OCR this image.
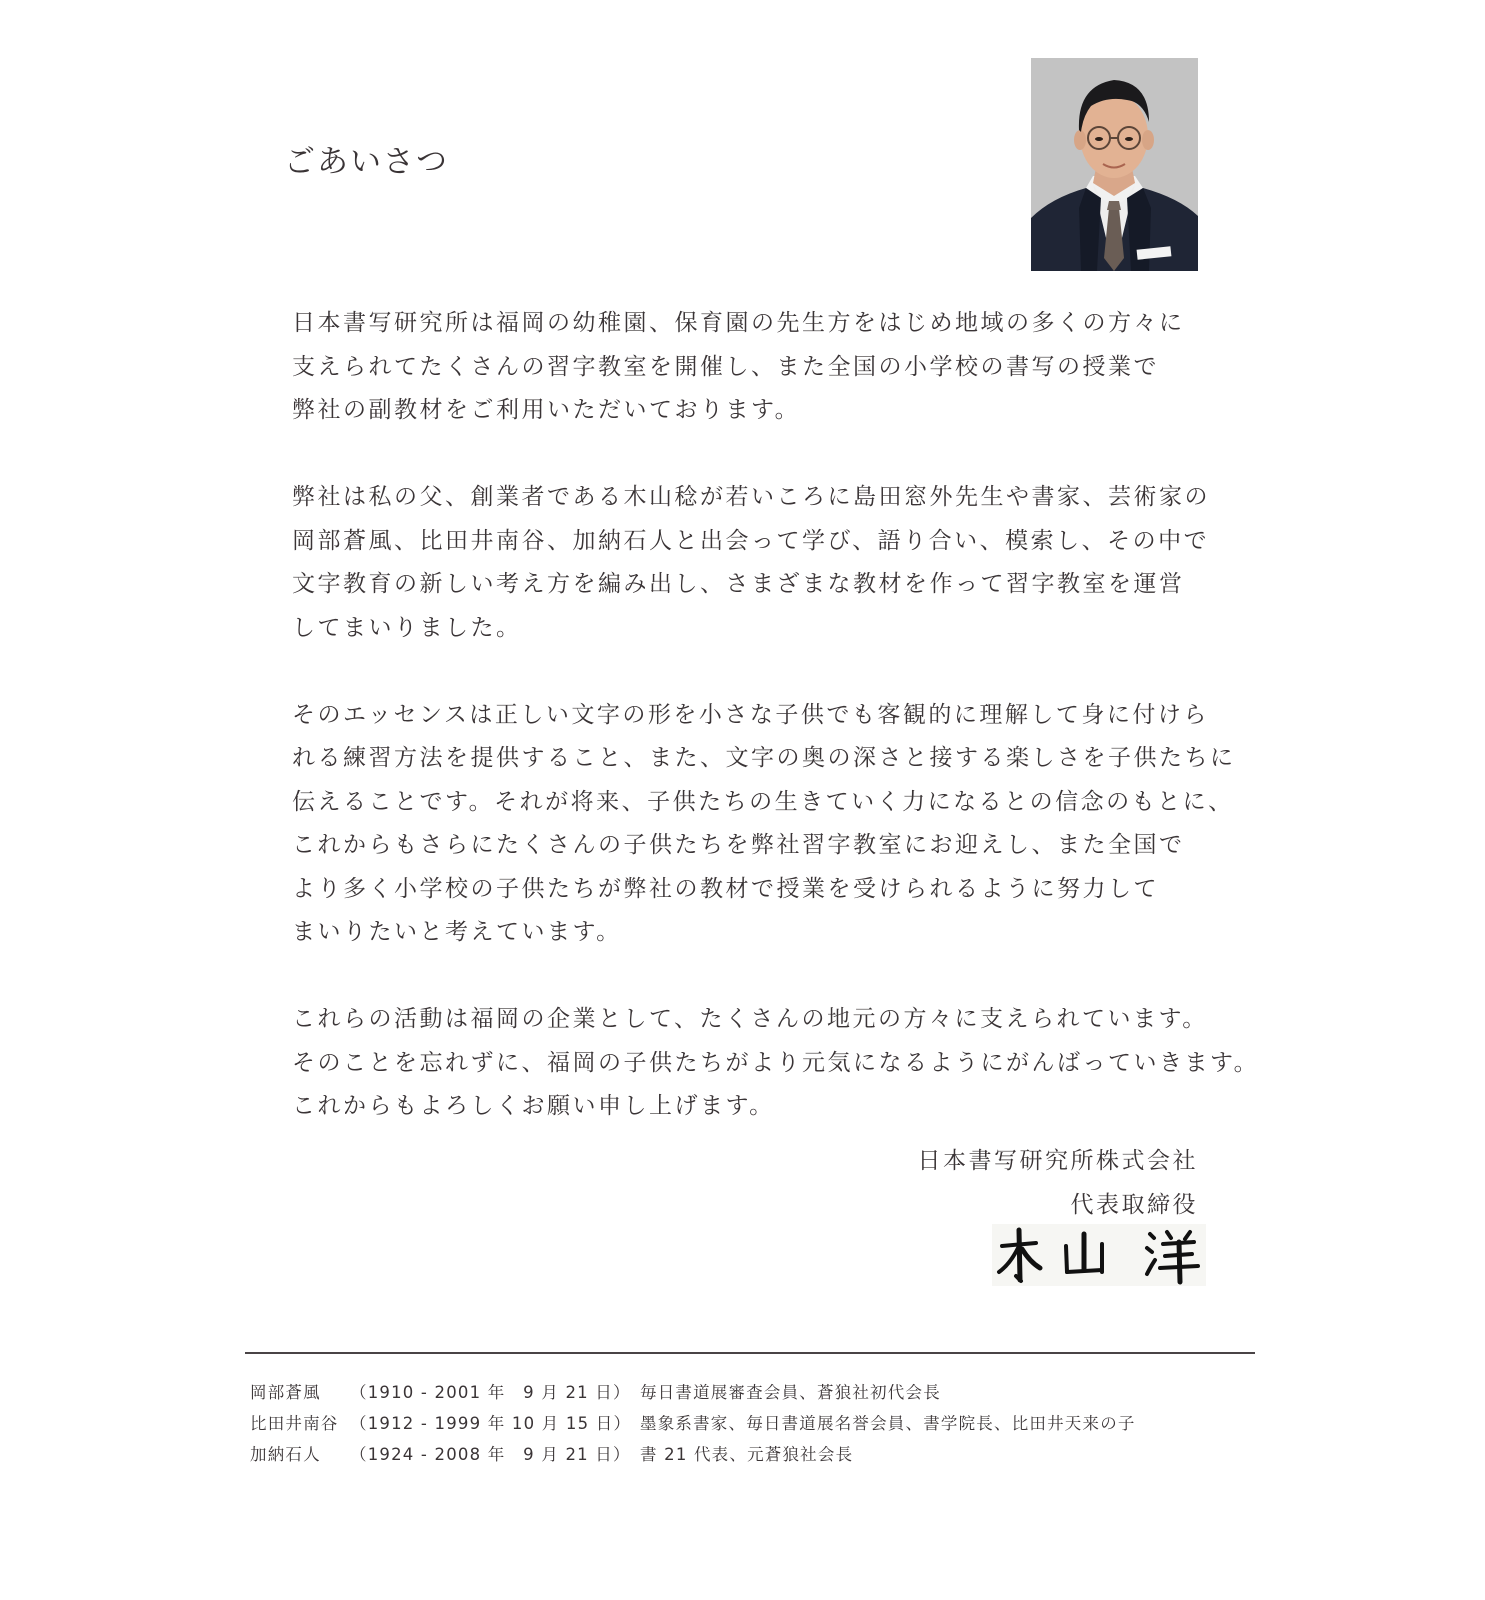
ごあいさつ

日本書写研究所は福岡の幼稚園、保育園の先生方をはじめ地域の多くの方々に
支えられてたくさんの習字教室を開催し、また全国の小学校の書写の授業で
弊社の副教材をご利用いただいております。

弊社は私の父、創業者である木山稔が若いころに島田窓外先生や書家、芸術家の
岡部蒼風、比田井南谷、加納石人と出会って学び、語り合い、模索し、その中で
文字教育の新しい考え方を編み出し、さまざまな教材を作って習字教室を運営
してまいりました。

そのエッセンスは正しい文字の形を小さな子供でも客観的に理解して身に付けら
れる練習方法を提供すること、また、文字の奥の深さと接する楽しさを子供たちに
伝えることです。それが将来、子供たちの生きていく力になるとの信念のもとに、
これからもさらにたくさんの子供たちを弊社習字教室にお迎えし、また全国で
より多く小学校の子供たちが弊社の教材で授業を受けられるように努力して
まいりたいと考えています。

これらの活動は福岡の企業として、たくさんの地元の方々に支えられています。
そのことを忘れずに、福岡の子供たちがより元気になるようにがんばっていきます。
これからもよろしくお願い申し上げます。

日本書写研究所株式会社
代表取締役
岡部蒼風	（1910 - 2001 年　9 月 21 日） 毎日書道展審査会員、蒼狼社初代会長
比田井南谷 （1912 - 1999 年 10 月 15 日） 墨象系書家、毎日書道展名誉会員、書学院長、比田井天来の子
加納石人	（1924 - 2008 年　9 月 21 日） 書 21 代表、元蒼狼社会長
